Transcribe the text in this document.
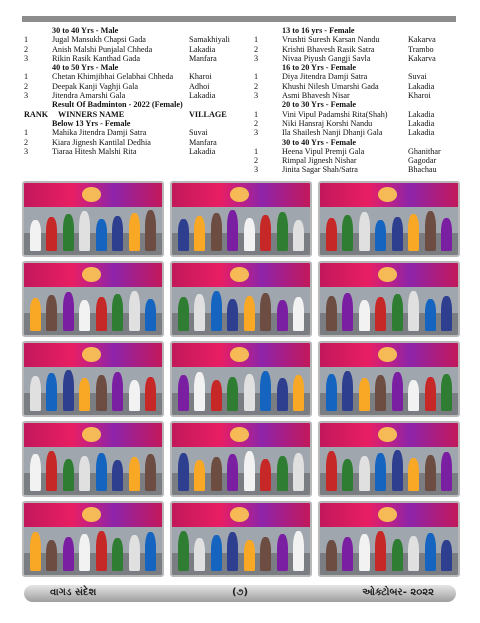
30 to 40 Yrs - Male
1	Jugal Mansukh Chapsi Gada	Samakhiyali
2	Anish Malshi Punjalal Chheda	Lakadia
3	Rikin Rasik Kanthad Gada	Manfara
40 to 50 Yrs - Male
1	Chetan Khimjibhai Gelabhai Chheda	Kharoi
2	Deepak Kanji Vaghji Gala	Adhoi
3	Jitendra Amarshi Gala	Lakadia
Result Of Badminton - 2022 (Female)
RANK	WINNERS NAME	VILLAGE
Below 13 Yrs - Female
1	Mahika Jitendra Damji Satra	Suvai
2	Kiara Jignesh Kantilal Dedhia	Manfara
3	Tiaraa Hitesh Malshi Rita	Lakadia
13 to 16 yrs - Female
1	Vrushti Suresh Karsan Nandu	Kakarva
2	Krishti Bhavesh Rasik Satra	Trambo
3	Nivaa Piyush Gangji Savla	Kakarva
16 to 20 Yrs - Female
1	Diya Jitendra Damji Satra	Suvai
2	Khushi Nilesh Umarshi Gada	Lakadia
3	Asmi Bhavesh Nisar	Kharoi
20 to 30 Yrs - Female
1	Vini Vipul Padamshi Rita(Shah)	Lakadia
2	Niki Hansraj Korshi Nandu	Lakadia
3	Ila Shailesh Nanji Dhanji Gala	Lakadia
30 to 40 Yrs - Female
1	Heena Vipul Premji Gala	Ghanithar
2	Rimpal Jignesh Nishar	Gagodar
3	Jinita Sagar Shah/Satra	Bhachau
વાગડ સંદેશ	(૭)	ઓક્ટોબર- ૨૦૨૨
